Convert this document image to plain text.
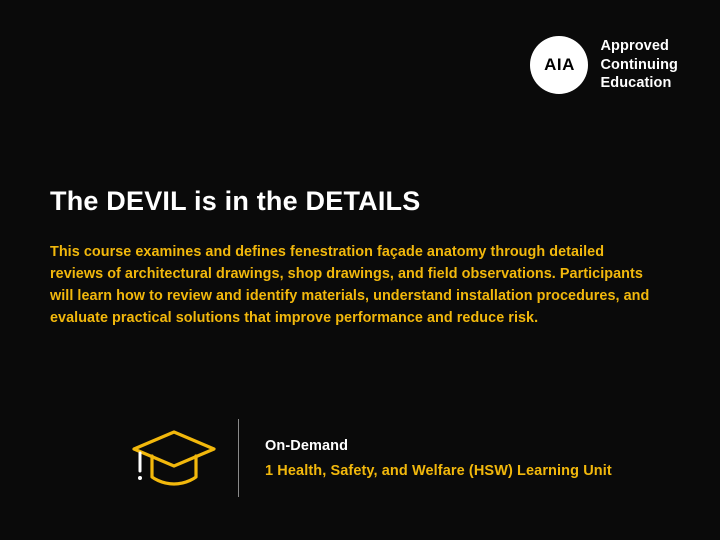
AIA
Approved
Continuing
Education
The DEVIL is in the DETAILS

This course examines and defines fenestration façade anatomy through detailed reviews of architectural drawings, shop drawings, and field observations. Participants will learn how to review and identify materials, understand installation procedures, and evaluate practical solutions that improve performance and reduce risk.

On-Demand
1 Health, Safety, and Welfare (HSW) Learning Unit
